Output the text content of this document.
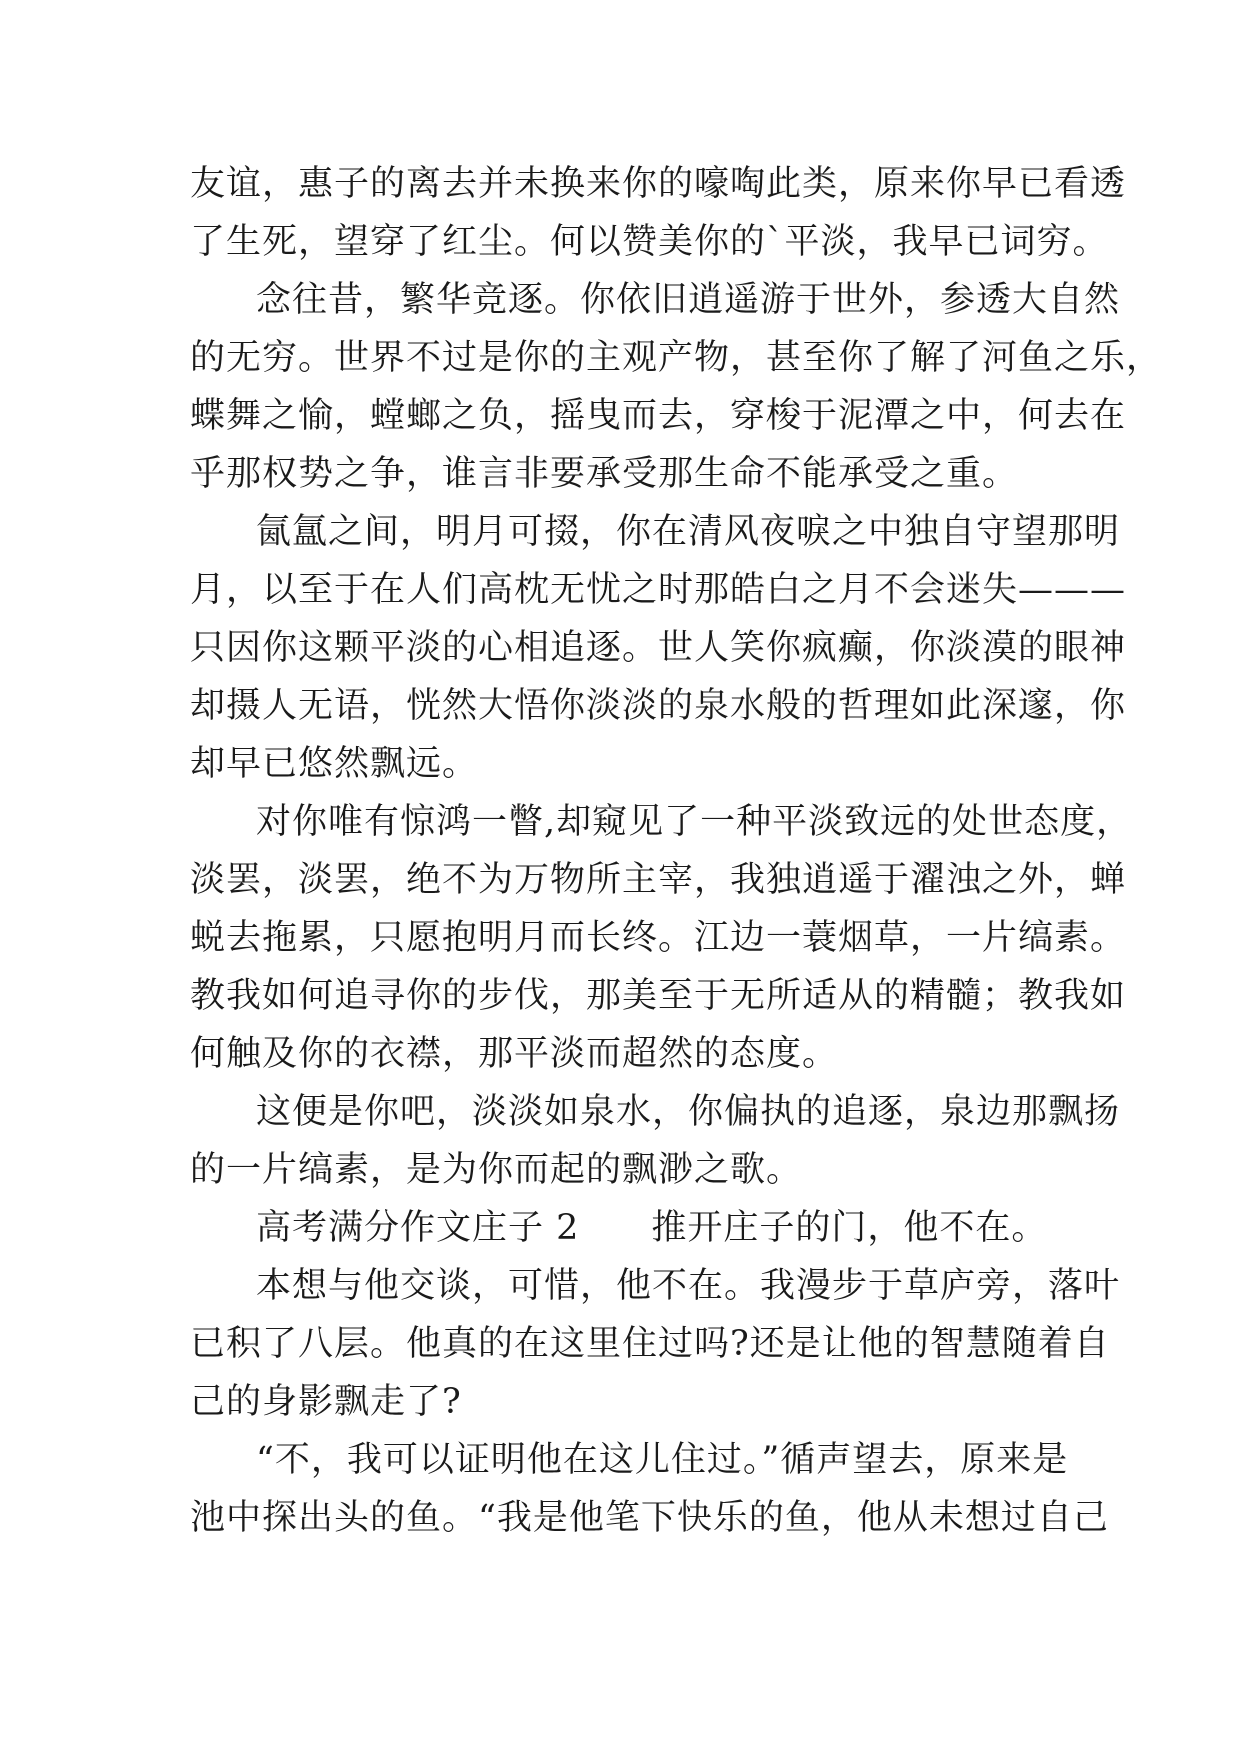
友谊，惠子的离去并未换来你的嚎啕此类，原来你早已看透
了生死，望穿了红尘。何以赞美你的`平淡，我早已词穷。
念往昔，繁华竞逐。你依旧逍遥游于世外，参透大自然
的无穷。世界不过是你的主观产物，甚至你了解了河鱼之乐，
蝶舞之愉，螳螂之负，摇曳而去，穿梭于泥潭之中，何去在
乎那权势之争，谁言非要承受那生命不能承受之重。
氤氲之间，明月可掇，你在清风夜唳之中独自守望那明
月，以至于在人们高枕无忧之时那皓白之月不会迷失———
只因你这颗平淡的心相追逐。世人笑你疯癫，你淡漠的眼神
却摄人无语，恍然大悟你淡淡的泉水般的哲理如此深邃，你
却早已悠然飘远。
对你唯有惊鸿一瞥,却窥见了一种平淡致远的处世态度，
淡罢，淡罢，绝不为万物所主宰，我独逍遥于濯浊之外，蝉
蜕去拖累，只愿抱明月而长终。江边一蓑烟草，一片缟素。
教我如何追寻你的步伐，那美至于无所适从的精髓；教我如
何触及你的衣襟，那平淡而超然的态度。
这便是你吧，淡淡如泉水，你偏执的追逐，泉边那飘扬
的一片缟素，是为你而起的飘渺之歌。
高考满分作文庄子 2　　推开庄子的门，他不在。
本想与他交谈，可惜，他不在。我漫步于草庐旁，落叶
已积了八层。他真的在这里住过吗?还是让他的智慧随着自
己的身影飘走了?
“不，我可以证明他在这儿住过。”循声望去，原来是
池中探出头的鱼。“我是他笔下快乐的鱼，他从未想过自己
